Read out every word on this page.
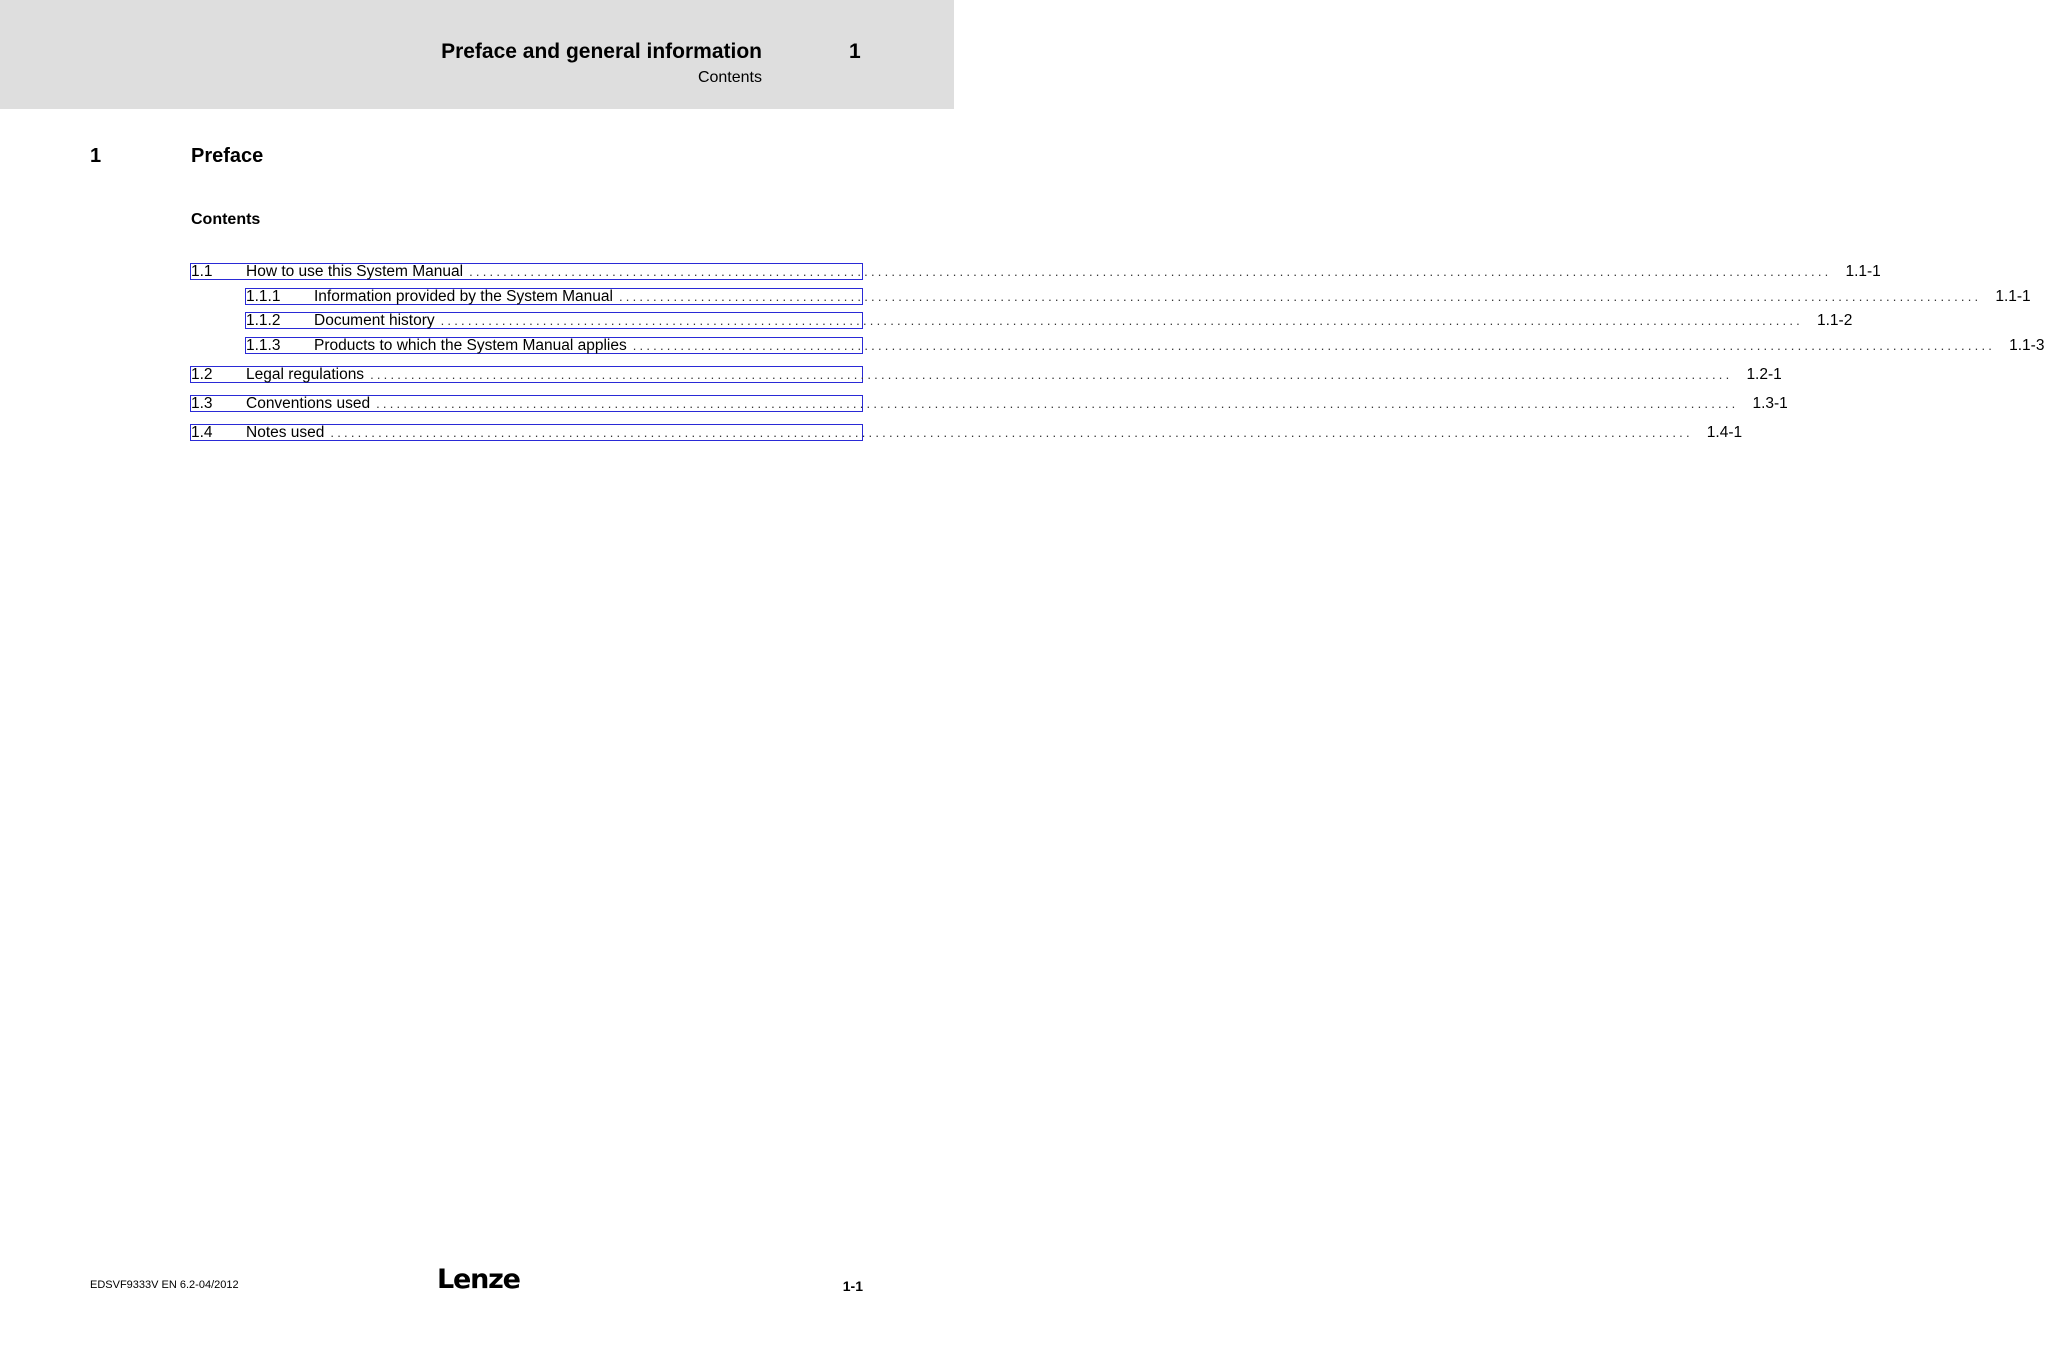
Preface and general information	1
Contents
1	Preface
Contents
1.1	How to use this System Manual ........................................................................................................................................................................................................ 1.1-1
1.1.1	Information provided by the System Manual ........................................................................................................................................................................................................ 1.1-1
1.1.2	Document history ........................................................................................................................................................................................................ 1.1-2
1.1.3	Products to which the System Manual applies ........................................................................................................................................................................................................ 1.1-3
1.2	Legal regulations ........................................................................................................................................................................................................ 1.2-1
1.3	Conventions used ........................................................................................................................................................................................................ 1.3-1
1.4	Notes used ........................................................................................................................................................................................................ 1.4-1
EDSVF9333V EN 6.2-04/2012	Lenze	1-1
